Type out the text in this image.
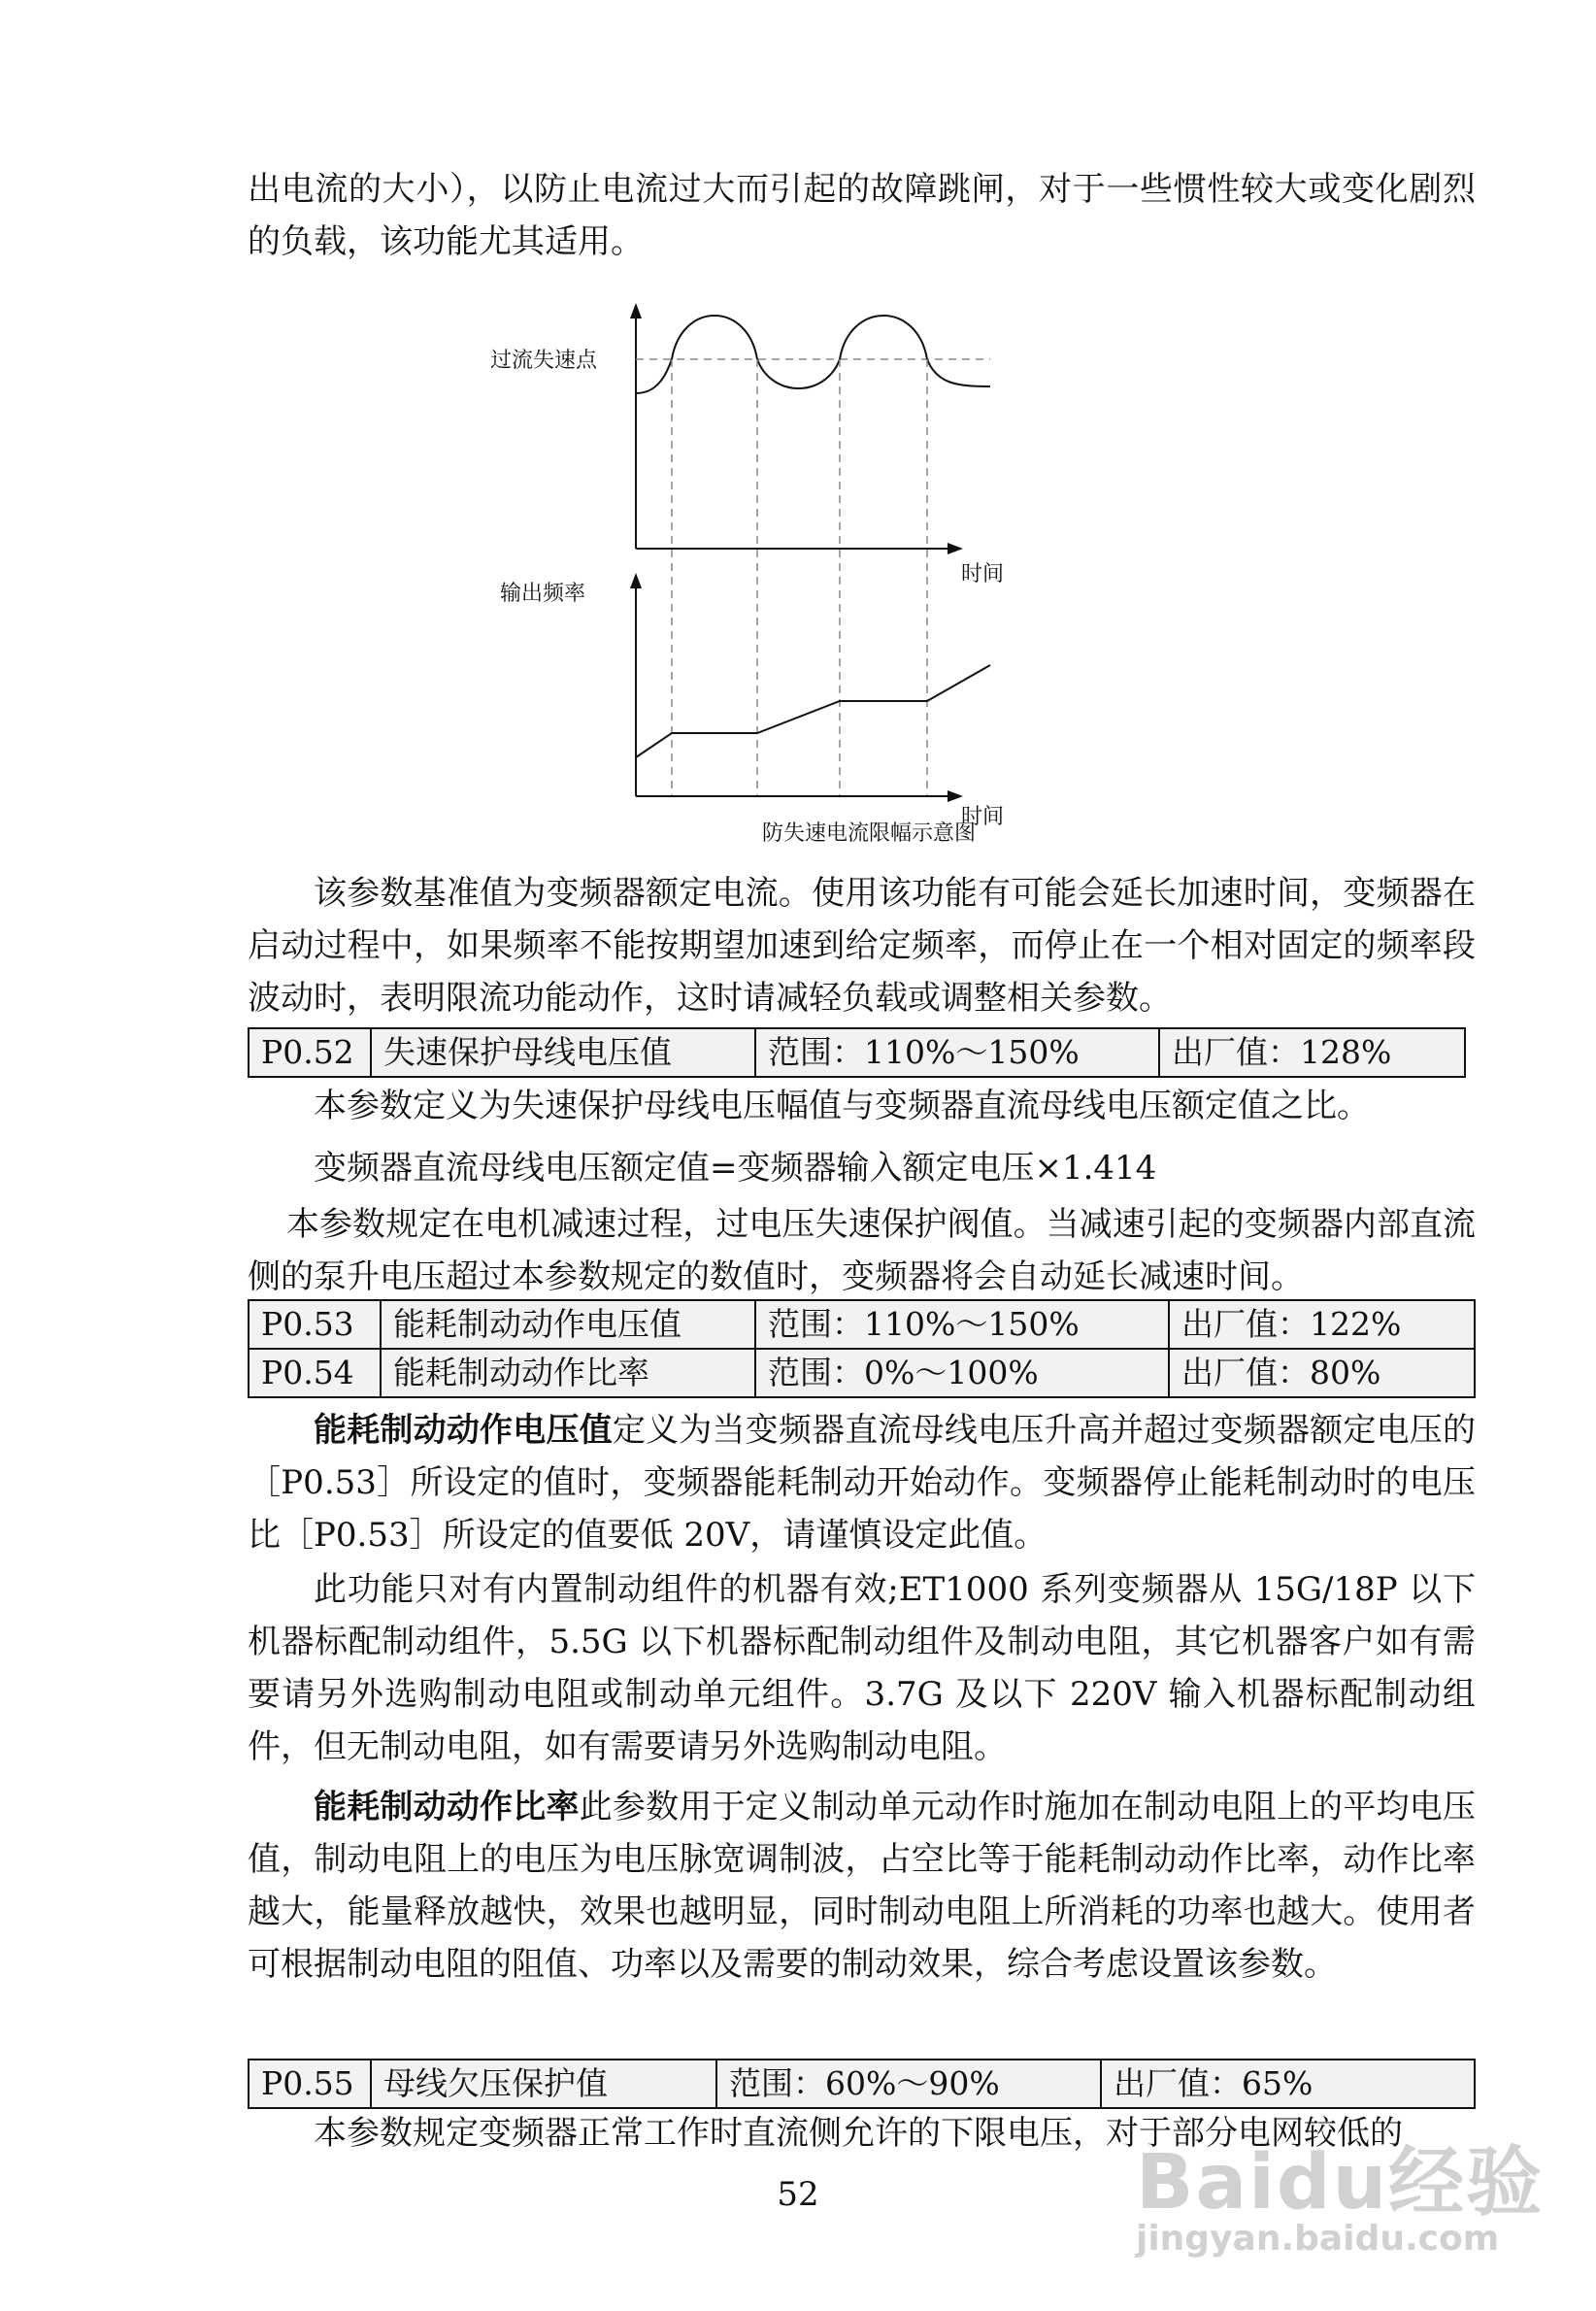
出电流的大小），以防止电流过大而引起的故障跳闸，对于一些惯性较大或变化剧烈的负载，该功能尤其适用。

过流失速点
输出频率
时间
时间
防失速电流限幅示意图

该参数基准值为变频器额定电流。使用该功能有可能会延长加速时间，变频器在启动过程中，如果频率不能按期望加速到给定频率，而停止在一个相对固定的频率段波动时，表明限流功能动作，这时请减轻负载或调整相关参数。

P0.52	失速保护母线电压值	范围：110%～150%	出厂值：128%
本参数定义为失速保护母线电压幅值与变频器直流母线电压额定值之比。
变频器直流母线电压额定值=变频器输入额定电压×1.414

本参数规定在电机减速过程，过电压失速保护阀值。当减速引起的变频器内部直流侧的泵升电压超过本参数规定的数值时，变频器将会自动延长减速时间。

P0.53	能耗制动动作电压值	范围：110%～150%	出厂值：122%
P0.54	能耗制动动作比率	范围：0%～100%	出厂值：80%

能耗制动动作电压值定义为当变频器直流母线电压升高并超过变频器额定电压的［P0.53］所设定的值时，变频器能耗制动开始动作。变频器停止能耗制动时的电压比［P0.53］所设定的值要低 20V，请谨慎设定此值。

此功能只对有内置制动组件的机器有效;ET1000 系列变频器从 15G/18P 以下机器标配制动组件，5.5G 以下机器标配制动组件及制动电阻，其它机器客户如有需要请另外选购制动电阻或制动单元组件。3.7G 及以下 220V 输入机器标配制动组件，但无制动电阻，如有需要请另外选购制动电阻。

能耗制动动作比率此参数用于定义制动单元动作时施加在制动电阻上的平均电压值，制动电阻上的电压为电压脉宽调制波，占空比等于能耗制动动作比率，动作比率越大，能量释放越快，效果也越明显，同时制动电阻上所消耗的功率也越大。使用者可根据制动电阻的阻值、功率以及需要的制动效果，综合考虑设置该参数。

P0.55	母线欠压保护值	范围：60%～90%	出厂值：65%
本参数规定变频器正常工作时直流侧允许的下限电压，对于部分电网较低的
52	Baidu经验
jingyan.baidu.com
